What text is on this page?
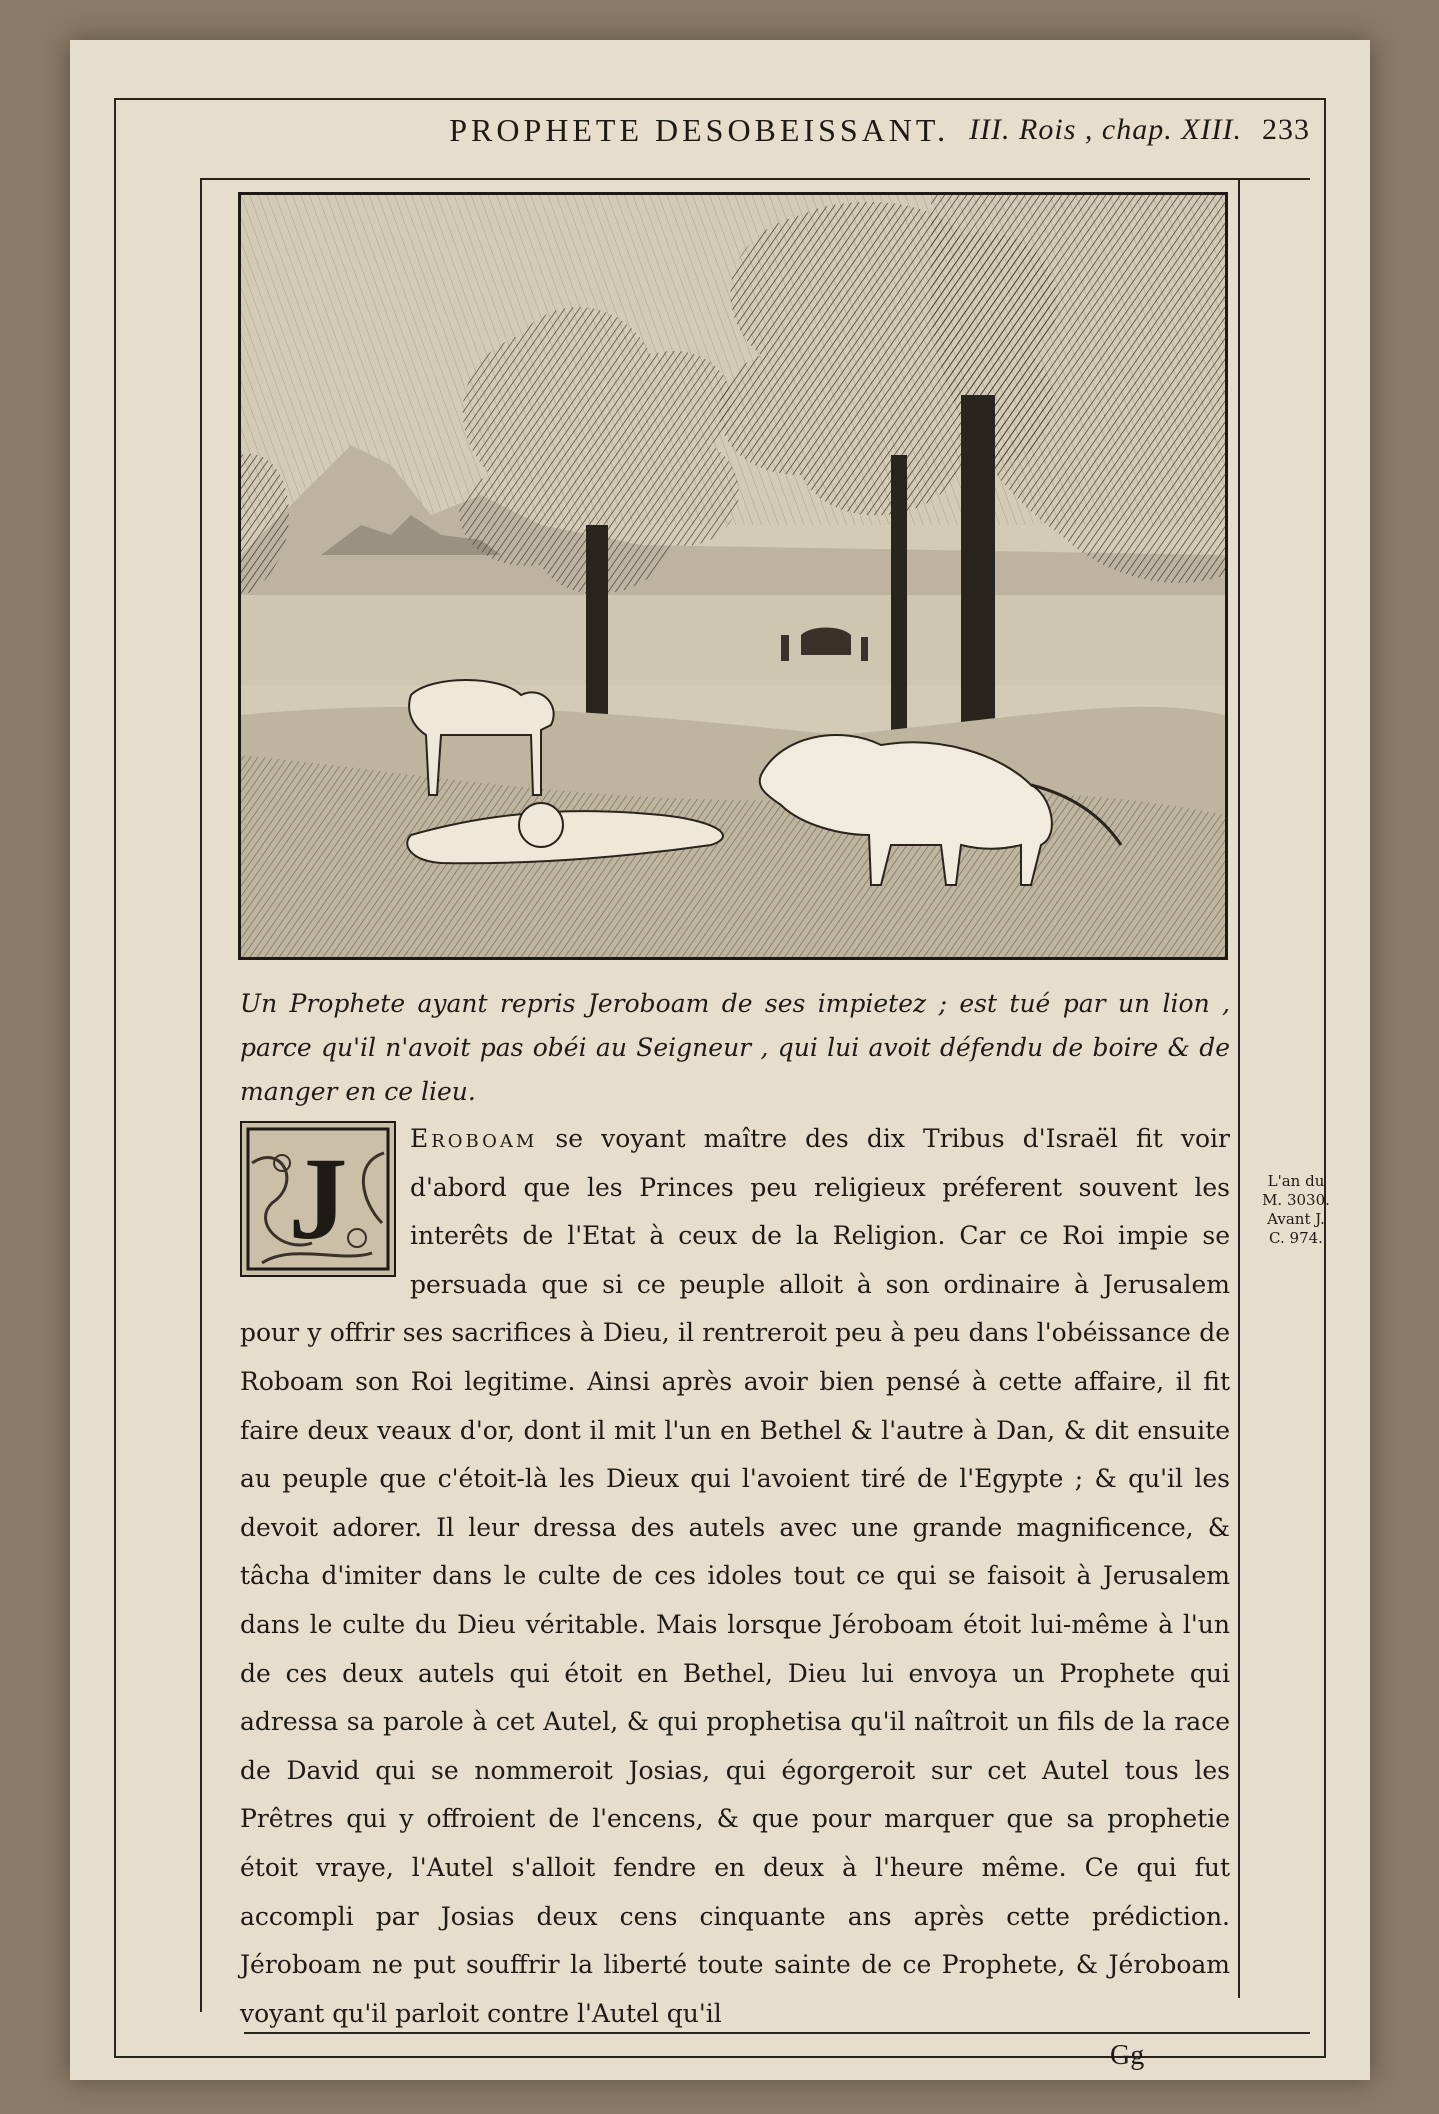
PROPHETE DESOBEISSANT. III. Rois , chap. XIII. 233
Un Prophete ayant repris Jeroboam de ses impietez ; est tué par un lion , parce qu'il n'avoit pas obéi au Seigneur , qui lui avoit défendu de boire & de manger en ce lieu.
J	Eroboam se voyant maître des dix Tribus d'Israël fit voir d'abord que les Princes peu religieux préferent souvent les interêts de l'Etat à ceux de la Religion. Car ce Roi impie se persuada que si ce peuple alloit à son ordinaire à Jerusalem pour y offrir ses sacrifices à Dieu, il rentreroit peu à peu dans l'obéissance de Roboam son Roi legitime. Ainsi après avoir bien pensé à cette affaire, il fit faire deux veaux d'or, dont il mit l'un en Bethel & l'autre à Dan, & dit ensuite au peuple que c'étoit-là les Dieux qui l'avoient tiré de l'Egypte ; & qu'il les devoit adorer. Il leur dressa des autels avec une grande magnificence, & tâcha d'imiter dans le culte de ces idoles tout ce qui se faisoit à Jerusalem dans le culte du Dieu véritable. Mais lorsque Jéroboam étoit lui-même à l'un de ces deux autels qui étoit en Bethel, Dieu lui envoya un Prophete qui adressa sa parole à cet Autel, & qui prophetisa qu'il naîtroit un fils de la race de David qui se nommeroit Josias, qui égorgeroit sur cet Autel tous les Prêtres qui y offroient de l'encens, & que pour marquer que sa prophetie étoit vraye, l'Autel s'alloit fendre en deux à l'heure même. Ce qui fut accompli par Josias deux cens cinquante ans après cette prédiction. Jéroboam ne put souffrir la liberté toute sainte de ce Prophete, & Jéroboam voyant qu'il parloit contre l'Autel qu'il
L'an du
M. 3030.
Avant J.
C. 974.
Gg
